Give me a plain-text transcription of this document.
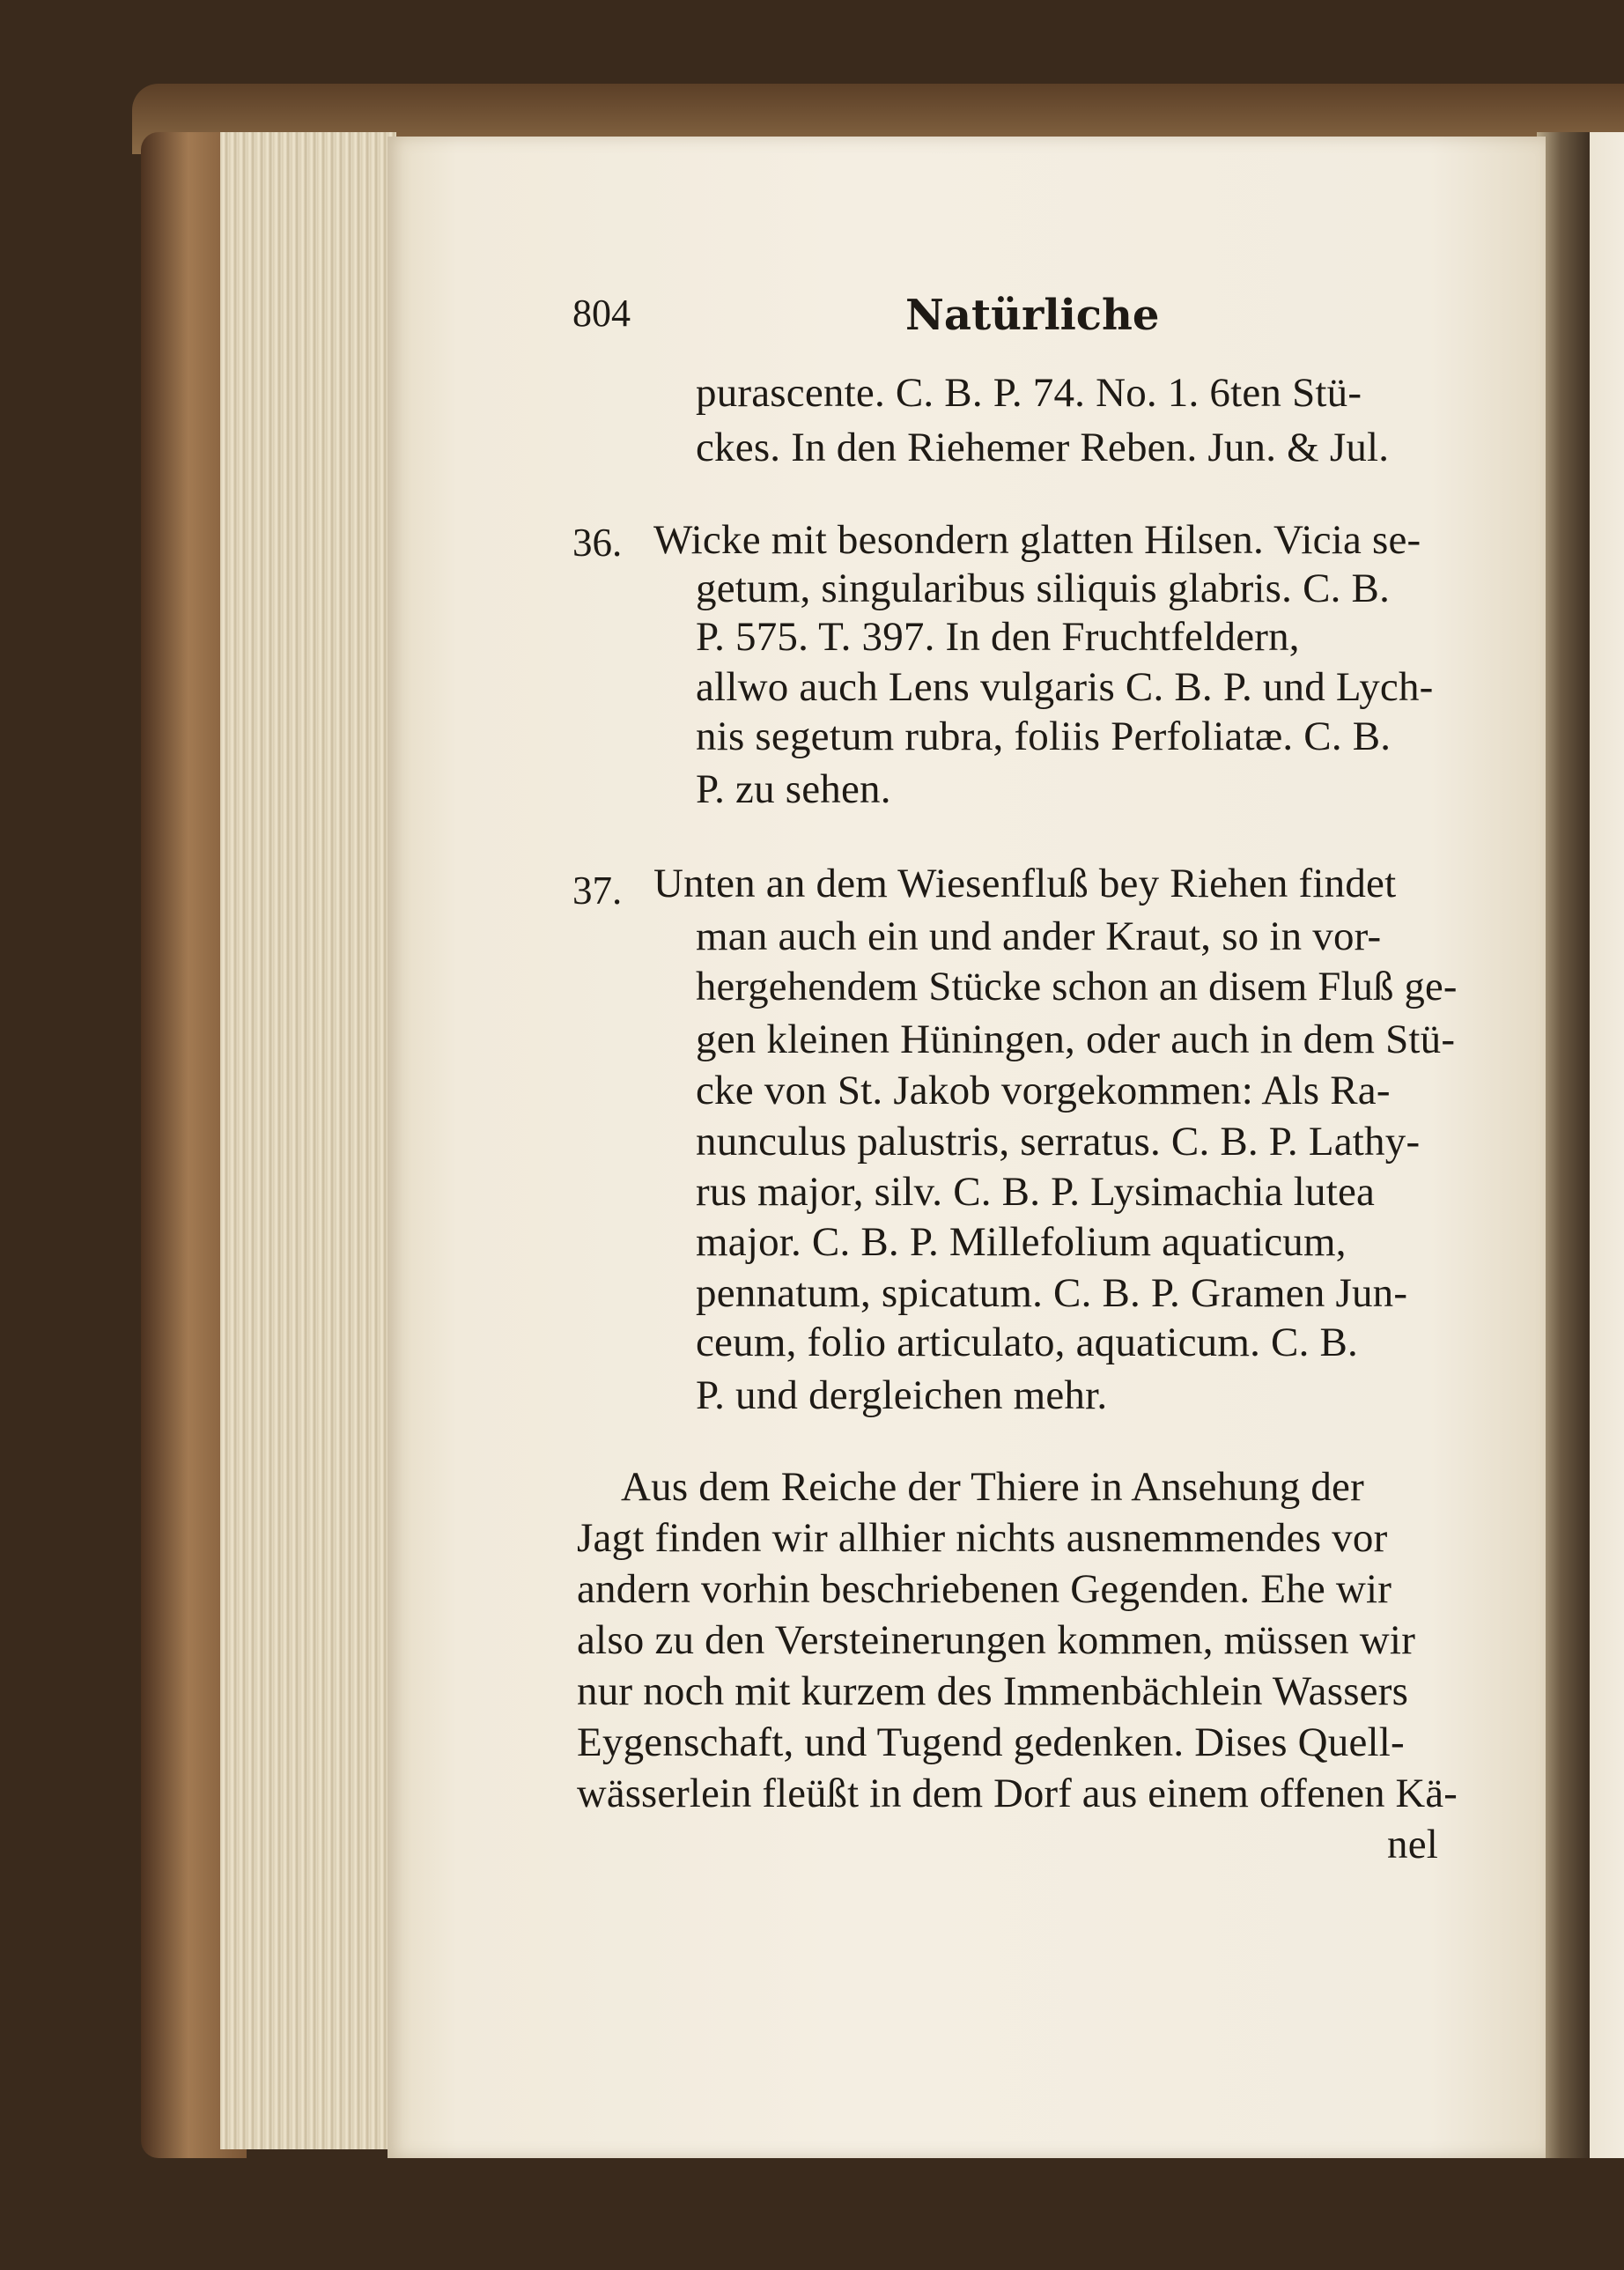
804	Natürliche
purascente. C. B. P. 74. No. 1. 6ten Stü-
ckes. In den Riehemer Reben. Jun. & Jul.
36. Wicke mit besondern glatten Hilsen. Vicia se-
getum, singularibus siliquis glabris. C. B.
P. 575. T. 397. In den Fruchtfeldern,
allwo auch Lens vulgaris C. B. P. und Lych-
nis segetum rubra, foliis Perfoliatæ. C. B.
P. zu sehen.
37. Unten an dem Wiesenfluß bey Riehen findet
man auch ein und ander Kraut, so in vor-
hergehendem Stücke schon an disem Fluß ge-
gen kleinen Hüningen, oder auch in dem Stü-
cke von St. Jakob vorgekommen: Als Ra-
nunculus palustris, serratus. C. B. P. Lathy-
rus major, silv. C. B. P. Lysimachia lutea
major. C. B. P. Millefolium aquaticum,
pennatum, spicatum. C. B. P. Gramen Jun-
ceum, folio articulato, aquaticum. C. B.
P. und dergleichen mehr.
Aus dem Reiche der Thiere in Ansehung der
Jagt finden wir allhier nichts ausnemmendes vor
andern vorhin beschriebenen Gegenden. Ehe wir
also zu den Versteinerungen kommen, müssen wir
nur noch mit kurzem des Immenbächlein Wassers
Eygenschaft, und Tugend gedenken. Dises Quell-
wässerlein fleüßt in dem Dorf aus einem offenen Kä-
nel
